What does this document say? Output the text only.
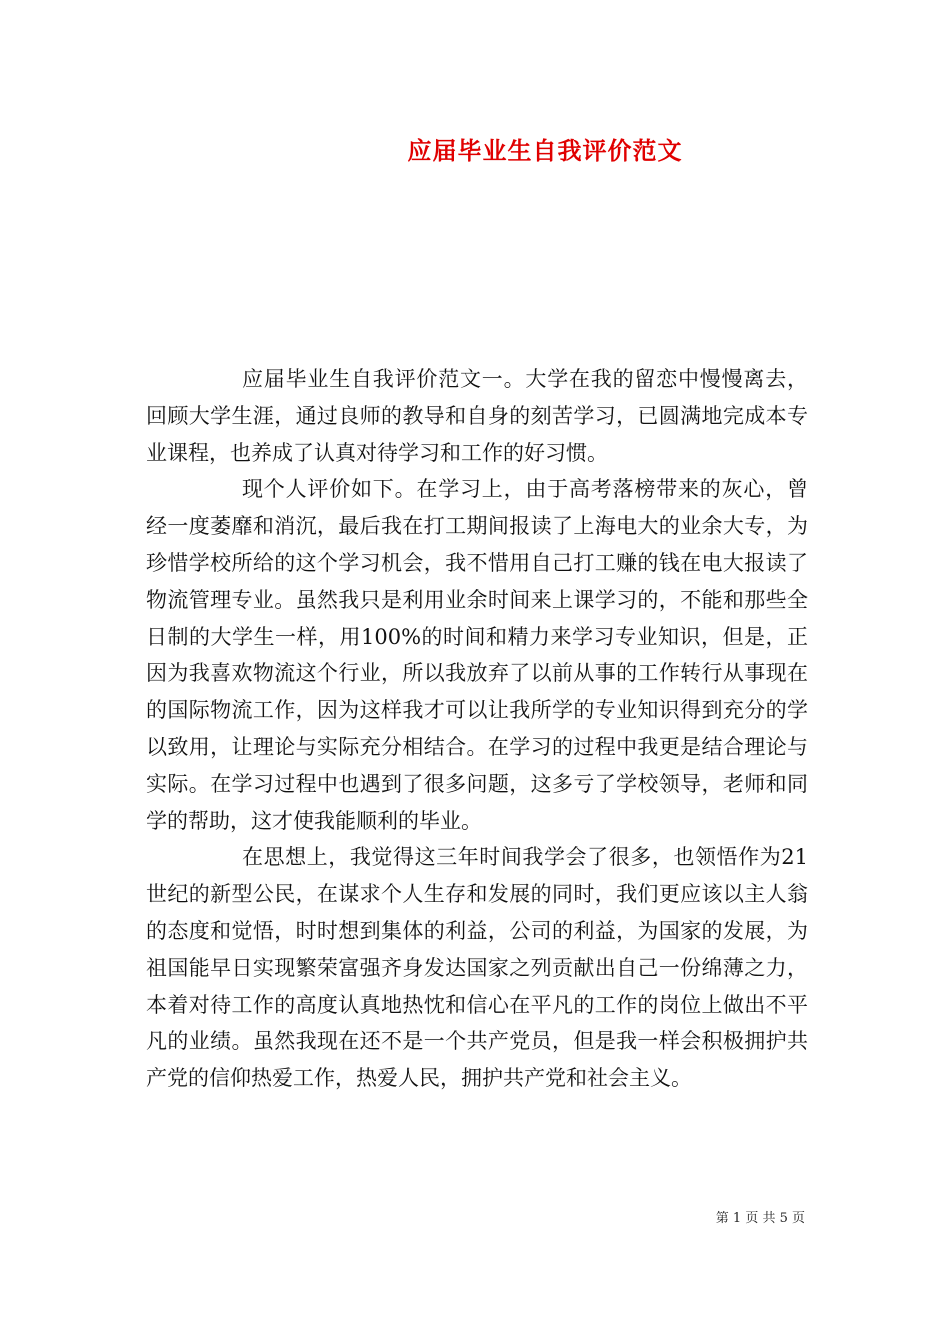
应届毕业生自我评价范文

应届毕业生自我评价范文一。大学在我的留恋中慢慢离去，回顾大学生涯，通过良师的教导和自身的刻苦学习，已圆满地完成本专业课程，也养成了认真对待学习和工作的好习惯。

现个人评价如下。在学习上，由于高考落榜带来的灰心，曾经一度萎靡和消沉，最后我在打工期间报读了上海电大的业余大专，为珍惜学校所给的这个学习机会，我不惜用自己打工赚的钱在电大报读了物流管理专业。虽然我只是利用业余时间来上课学习的，不能和那些全日制的大学生一样，用100%的时间和精力来学习专业知识，但是，正因为我喜欢物流这个行业，所以我放弃了以前从事的工作转行从事现在的国际物流工作，因为这样我才可以让我所学的专业知识得到充分的学以致用，让理论与实际充分相结合。在学习的过程中我更是结合理论与实际。在学习过程中也遇到了很多问题，这多亏了学校领导，老师和同学的帮助，这才使我能顺利的毕业。

在思想上，我觉得这三年时间我学会了很多，也领悟作为21世纪的新型公民，在谋求个人生存和发展的同时，我们更应该以主人翁的态度和觉悟，时时想到集体的利益，公司的利益，为国家的发展，为祖国能早日实现繁荣富强齐身发达国家之列贡献出自己一份绵薄之力，本着对待工作的高度认真地热忱和信心在平凡的工作的岗位上做出不平凡的业绩。虽然我现在还不是一个共产党员，但是我一样会积极拥护共产党的信仰热爱工作，热爱人民，拥护共产党和社会主义。

第 1 页 共 5 页
